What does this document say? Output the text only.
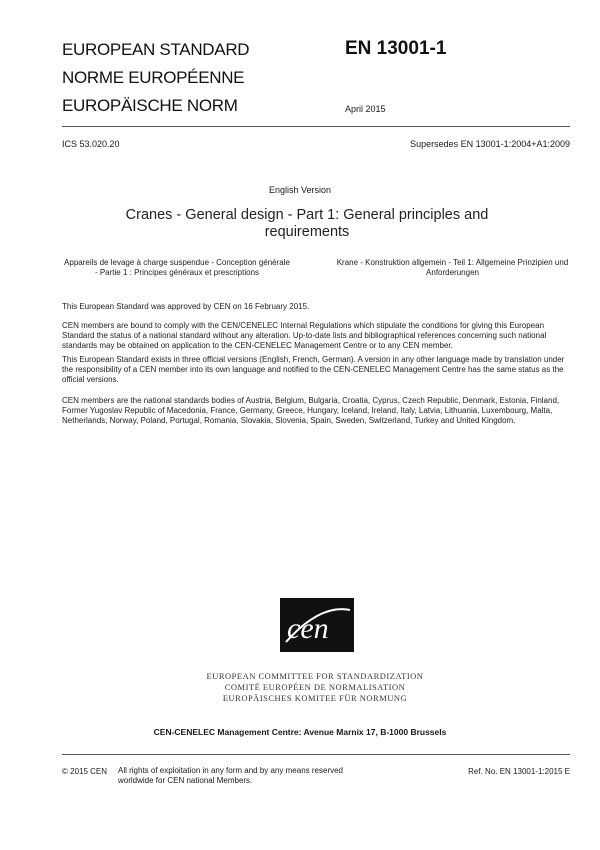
EUROPEAN STANDARD
NORME EUROPÉENNE
EUROPÄISCHE NORM
EN 13001-1
April 2015
ICS 53.020.20	Supersedes EN 13001-1:2004+A1:2009
English Version
Cranes - General design - Part 1: General principles and requirements
Appareils de levage à charge suspendue - Conception générale - Partie 1 : Principes généraux et prescriptions
Krane - Konstruktion allgemein - Teil 1: Allgemeine Prinzipien und Anforderungen
This European Standard was approved by CEN on 16 February 2015.
CEN members are bound to comply with the CEN/CENELEC Internal Regulations which stipulate the conditions for giving this European Standard the status of a national standard without any alteration. Up-to-date lists and bibliographical references concerning such national standards may be obtained on application to the CEN-CENELEC Management Centre or to any CEN member.
This European Standard exists in three official versions (English, French, German). A version in any other language made by translation under the responsibility of a CEN member into its own language and notified to the CEN-CENELEC Management Centre has the same status as the official versions.
CEN members are the national standards bodies of Austria, Belgium, Bulgaria, Croatia, Cyprus, Czech Republic, Denmark, Estonia, Finland, Former Yugoslav Republic of Macedonia, France, Germany, Greece, Hungary, Iceland, Ireland, Italy, Latvia, Lithuania, Luxembourg, Malta, Netherlands, Norway, Poland, Portugal, Romania, Slovakia, Slovenia, Spain, Sweden, Switzerland, Turkey and United Kingdom.
cen
EUROPEAN COMMITTEE FOR STANDARDIZATION
COMITÉ EUROPÉEN DE NORMALISATION
EUROPÄISCHES KOMITEE FÜR NORMUNG
CEN-CENELEC Management Centre: Avenue Marnix 17, B-1000 Brussels
© 2015 CEN All rights of exploitation in any form and by any means reserved worldwide for CEN national Members.
Ref. No. EN 13001-1:2015 E
